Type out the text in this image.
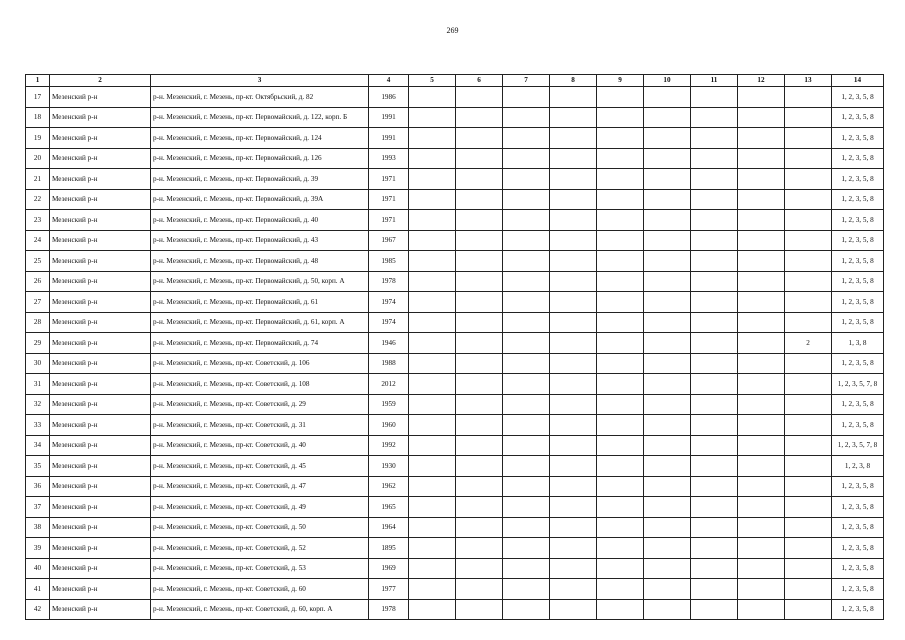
269
1	2	3	4	5	6	7	8	9	10	11	12	13	14
17	Мезенский р-н	р-н. Мезенский, г. Мезень, пр-кт. Октябрьский, д. 82	1986										1, 2, 3, 5, 8
18	Мезенский р-н	р-н. Мезенский, г. Мезень, пр-кт. Первомайский, д. 122, корп. Б	1991										1, 2, 3, 5, 8
19	Мезенский р-н	р-н. Мезенский, г. Мезень, пр-кт. Первомайский, д. 124	1991										1, 2, 3, 5, 8
20	Мезенский р-н	р-н. Мезенский, г. Мезень, пр-кт. Первомайский, д. 126	1993										1, 2, 3, 5, 8
21	Мезенский р-н	р-н. Мезенский, г. Мезень, пр-кт. Первомайский, д. 39	1971										1, 2, 3, 5, 8
22	Мезенский р-н	р-н. Мезенский, г. Мезень, пр-кт. Первомайский, д. 39А	1971										1, 2, 3, 5, 8
23	Мезенский р-н	р-н. Мезенский, г. Мезень, пр-кт. Первомайский, д. 40	1971										1, 2, 3, 5, 8
24	Мезенский р-н	р-н. Мезенский, г. Мезень, пр-кт. Первомайский, д. 43	1967										1, 2, 3, 5, 8
25	Мезенский р-н	р-н. Мезенский, г. Мезень, пр-кт. Первомайский, д. 48	1985										1, 2, 3, 5, 8
26	Мезенский р-н	р-н. Мезенский, г. Мезень, пр-кт. Первомайский, д. 50, корп. А	1978										1, 2, 3, 5, 8
27	Мезенский р-н	р-н. Мезенский, г. Мезень, пр-кт. Первомайский, д. 61	1974										1, 2, 3, 5, 8
28	Мезенский р-н	р-н. Мезенский, г. Мезень, пр-кт. Первомайский, д. 61, корп. А	1974										1, 2, 3, 5, 8
29	Мезенский р-н	р-н. Мезенский, г. Мезень, пр-кт. Первомайский, д. 74	1946									2	1, 3, 8
30	Мезенский р-н	р-н. Мезенский, г. Мезень, пр-кт. Советский, д. 106	1988										1, 2, 3, 5, 8
31	Мезенский р-н	р-н. Мезенский, г. Мезень, пр-кт. Советский, д. 108	2012										1, 2, 3, 5, 7, 8
32	Мезенский р-н	р-н. Мезенский, г. Мезень, пр-кт. Советский, д. 29	1959										1, 2, 3, 5, 8
33	Мезенский р-н	р-н. Мезенский, г. Мезень, пр-кт. Советский, д. 31	1960										1, 2, 3, 5, 8
34	Мезенский р-н	р-н. Мезенский, г. Мезень, пр-кт. Советский, д. 40	1992										1, 2, 3, 5, 7, 8
35	Мезенский р-н	р-н. Мезенский, г. Мезень, пр-кт. Советский, д. 45	1930										1, 2, 3, 8
36	Мезенский р-н	р-н. Мезенский, г. Мезень, пр-кт. Советский, д. 47	1962										1, 2, 3, 5, 8
37	Мезенский р-н	р-н. Мезенский, г. Мезень, пр-кт. Советский, д. 49	1965										1, 2, 3, 5, 8
38	Мезенский р-н	р-н. Мезенский, г. Мезень, пр-кт. Советский, д. 50	1964										1, 2, 3, 5, 8
39	Мезенский р-н	р-н. Мезенский, г. Мезень, пр-кт. Советский, д. 52	1895										1, 2, 3, 5, 8
40	Мезенский р-н	р-н. Мезенский, г. Мезень, пр-кт. Советский, д. 53	1969										1, 2, 3, 5, 8
41	Мезенский р-н	р-н. Мезенский, г. Мезень, пр-кт. Советский, д. 60	1977										1, 2, 3, 5, 8
42	Мезенский р-н	р-н. Мезенский, г. Мезень, пр-кт. Советский, д. 60, корп. А	1978										1, 2, 3, 5, 8
